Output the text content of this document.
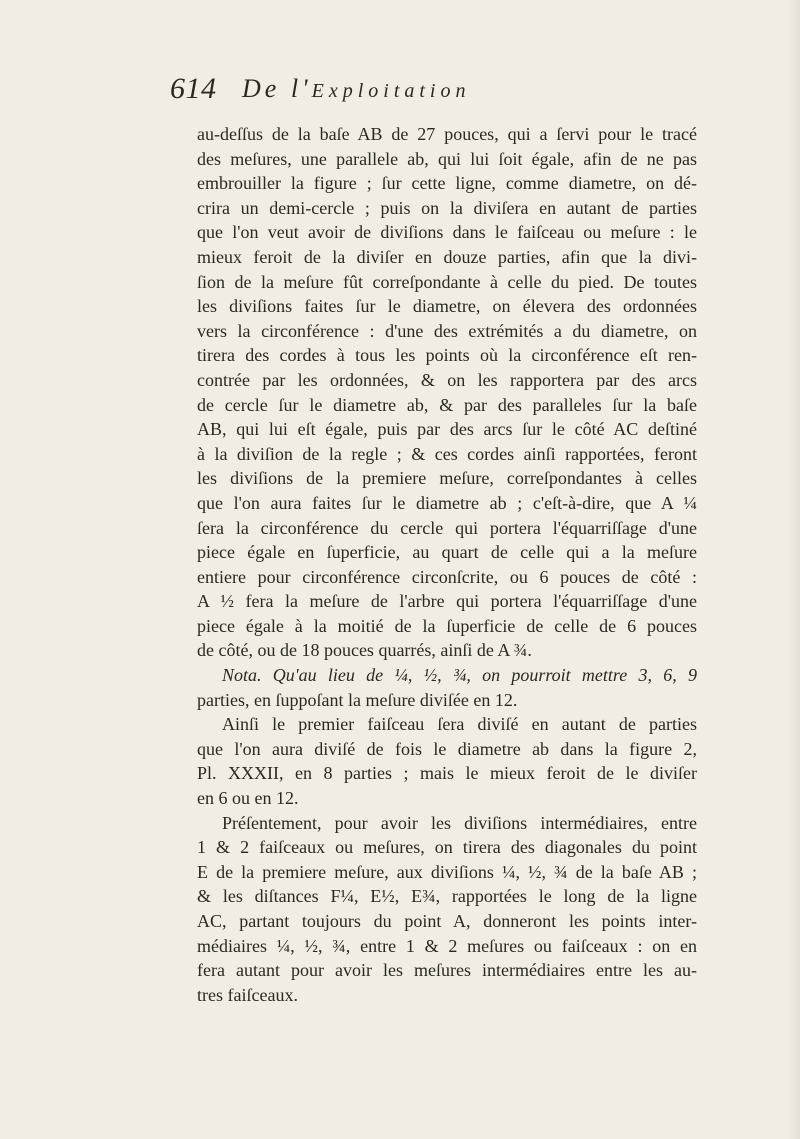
614 De l'Exploitation
au-deſſus de la baſe AB de 27 pouces, qui a ſervi pour le tracé
des meſures, une parallele ab, qui lui ſoit égale, afin de ne pas
embrouiller la figure ; ſur cette ligne, comme diametre, on dé-
crira un demi-cercle ; puis on la diviſera en autant de parties
que l'on veut avoir de diviſions dans le faiſceau ou meſure : le
mieux feroit de la diviſer en douze parties, afin que la divi-
ſion de la meſure fût correſpondante à celle du pied. De toutes
les diviſions faites ſur le diametre, on élevera des ordonnées
vers la circonférence : d'une des extrémités a du diametre, on
tirera des cordes à tous les points où la circonférence eſt ren-
contrée par les ordonnées, & on les rapportera par des arcs
de cercle ſur le diametre ab, & par des paralleles ſur la baſe
AB, qui lui eſt égale, puis par des arcs ſur le côté AC deſtiné
à la diviſion de la regle ; & ces cordes ainſi rapportées, feront
les diviſions de la premiere meſure, correſpondantes à celles
que l'on aura faites ſur le diametre ab ; c'eſt-à-dire, que A ¼
ſera la circonférence du cercle qui portera l'équarriſſage d'une
piece égale en ſuperficie, au quart de celle qui a la meſure
entiere pour circonférence circonſcrite, ou 6 pouces de côté :
A ½ fera la meſure de l'arbre qui portera l'équarriſſage d'une
piece égale à la moitié de la ſuperficie de celle de 6 pouces
de côté, ou de 18 pouces quarrés, ainſi de A ¾.
Nota. Qu'au lieu de ¼, ½, ¾, on pourroit mettre 3, 6, 9
parties, en ſuppoſant la meſure diviſée en 12.
Ainſi le premier faiſceau ſera diviſé en autant de parties
que l'on aura diviſé de fois le diametre ab dans la figure 2,
Pl. XXXII, en 8 parties ; mais le mieux feroit de le diviſer
en 6 ou en 12.
Préſentement, pour avoir les diviſions intermédiaires, entre
1 & 2 faiſceaux ou meſures, on tirera des diagonales du point
E de la premiere meſure, aux diviſions ¼, ½, ¾ de la baſe AB ;
& les diſtances F¼, E½, E¾, rapportées le long de la ligne
AC, partant toujours du point A, donneront les points inter-
médiaires ¼, ½, ¾, entre 1 & 2 meſures ou faiſceaux : on en
fera autant pour avoir les meſures intermédiaires entre les au-
tres faiſceaux.
